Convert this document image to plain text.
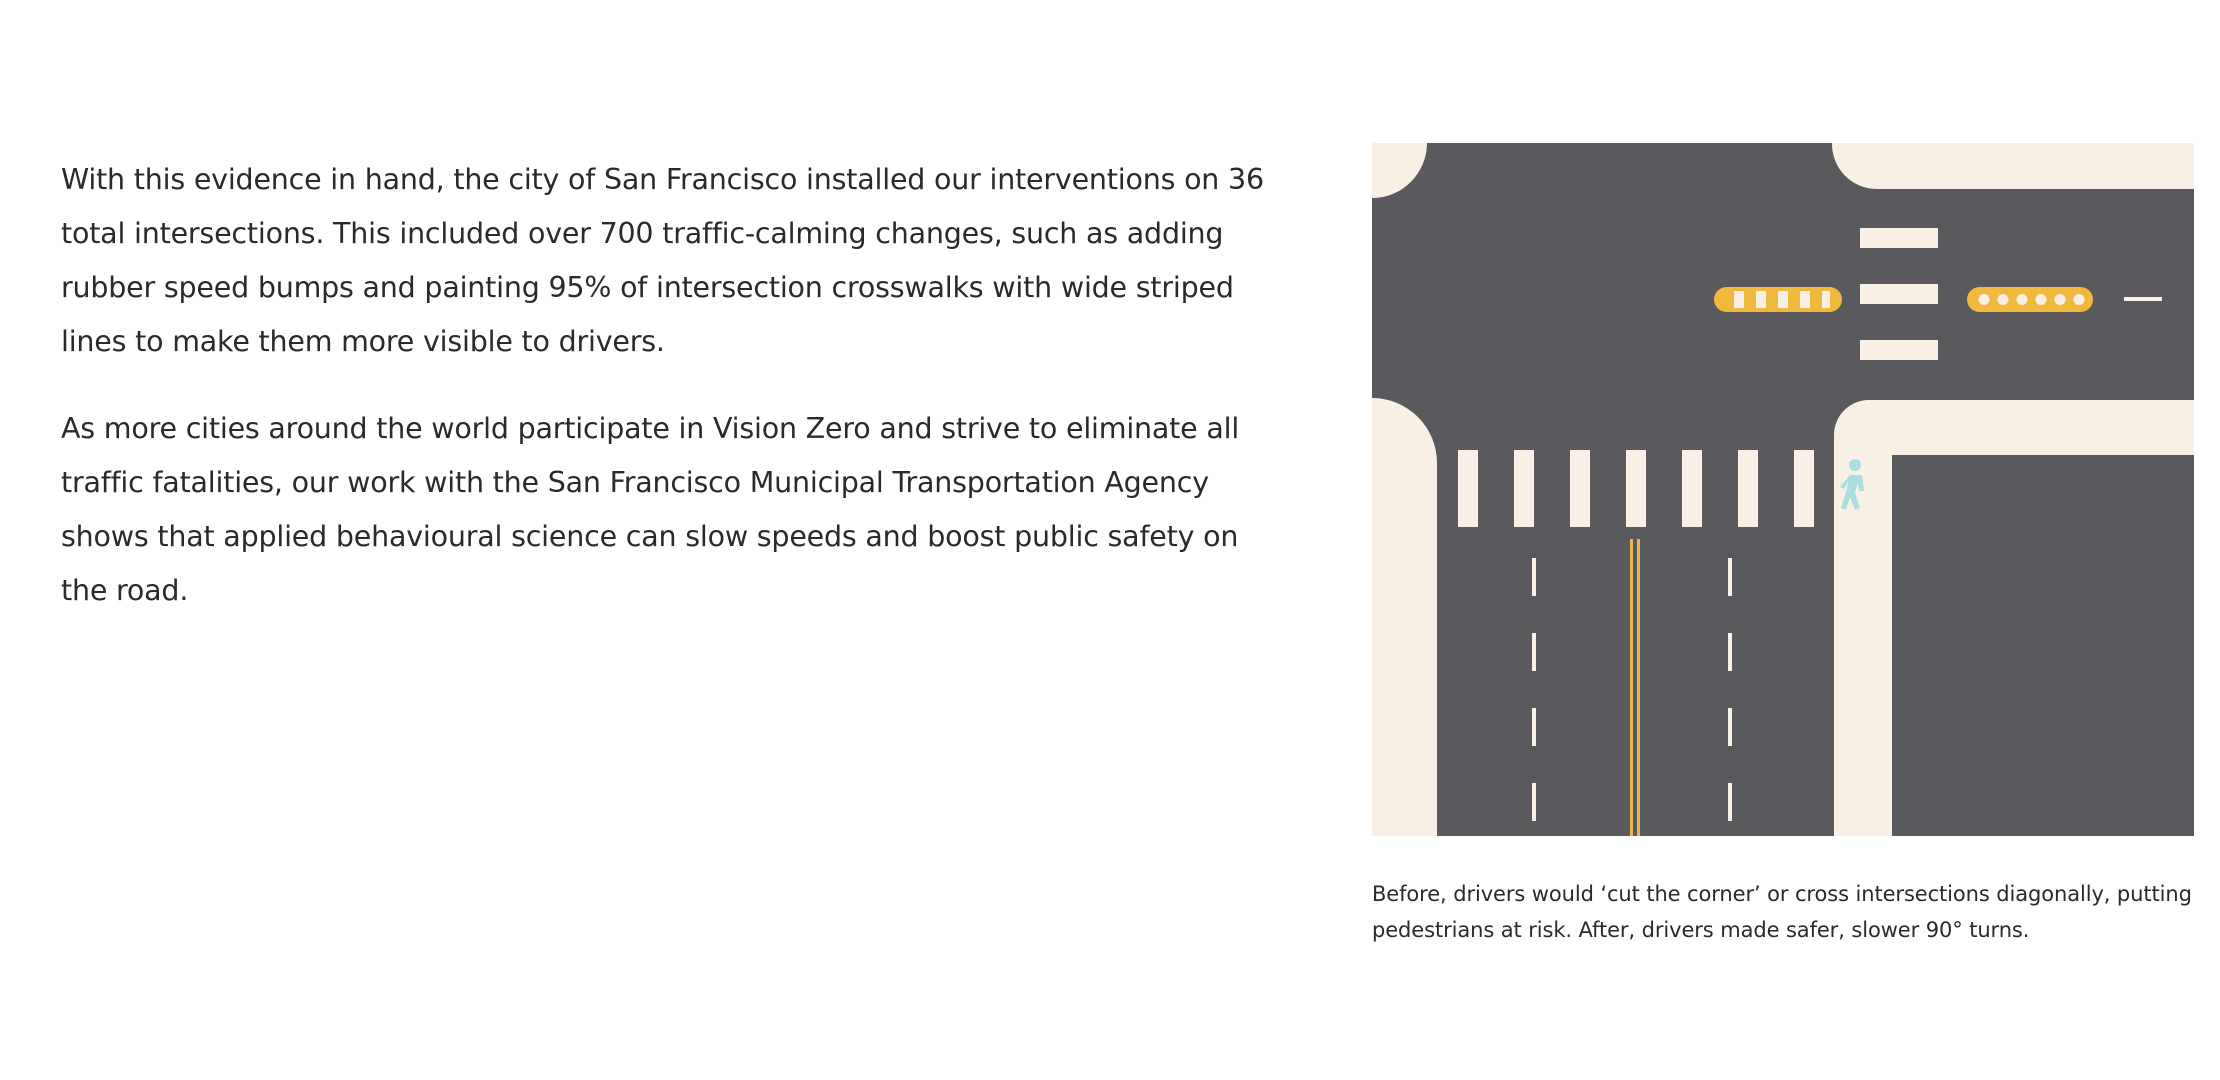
With this evidence in hand, the city of San Francisco installed our interventions on 36 total intersections. This included over 700 traffic-calming changes, such as adding rubber speed bumps and painting 95% of intersection crosswalks with wide striped lines to make them more visible to drivers.

As more cities around the world participate in Vision Zero and strive to eliminate all traffic fatalities, our work with the San Francisco Municipal Transportation Agency shows that applied behavioural science can slow speeds and boost public safety on the road.

Before, drivers would ‘cut the corner’ or cross intersections diagonally, putting pedestrians at risk. After, drivers made safer, slower 90° turns.
